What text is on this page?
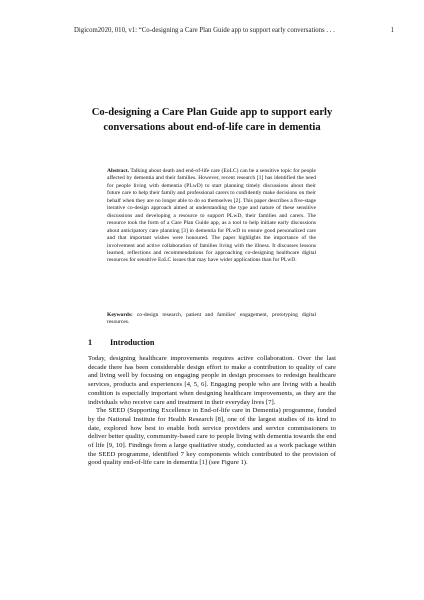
Digicom2020, 010, v1: “Co-designing a Care Plan Guide app to support early conversations . . .	1
Co-designing a Care Plan Guide app to support early conversations about end-of-life care in dementia
Abstract. Talking about death and end-of-life care (EoLC) can be a sensitive topic for people affected by dementia and their families. However, recent research [1] has identified the need for people living with dementia (PLwD) to start planning timely discussions about their future care to help their family and professional carers to confidently make decisions on their behalf when they are no longer able to do so themselves [2]. This paper describes a five-stage iterative co-design approach aimed at understanding the type and nature of these sensitive discussions and developing a resource to support PLwD, their families and carers. The resource took the form of a Care Plan Guide app, as a tool to help initiate early discussions about anticipatory care planning [3] in dementia for PLwD to ensure good personalized care and that important wishes were honoured. The paper highlights the importance of the involvement and active collaboration of families living with the illness. It discusses lessons learned, reflections and recommendations for approaching co-designing healthcare digital resources for sensitive EoLC issues that may have wider applications than for PLwD.
Keywords: co-design research, patient and families' engagement, prototyping digital resources.
1 Introduction

Today, designing healthcare improvements requires active collaboration. Over the last decade there has been considerable design effort to make a contribution to quality of care and living well by focusing on engaging people in design processes to redesign healthcare services, products and experiences [4, 5, 6]. Engaging people who are living with a health condition is especially important when designing healthcare improvements, as they are the individuals who receive care and treatment in their everyday lives [7].

The SEED (Supporting Excellence in End-of-life care in Dementia) programme, funded by the National Institute for Health Research [8], one of the largest studies of its kind to date, explored how best to enable both service providers and service commissioners to deliver better quality, community-based care to people living with dementia towards the end of life [9, 10]. Findings from a large qualitative study, conducted as a work package within the SEED programme, identified 7 key components which contributed to the provision of good quality end-of-life care in dementia [1] (see Figure 1).
